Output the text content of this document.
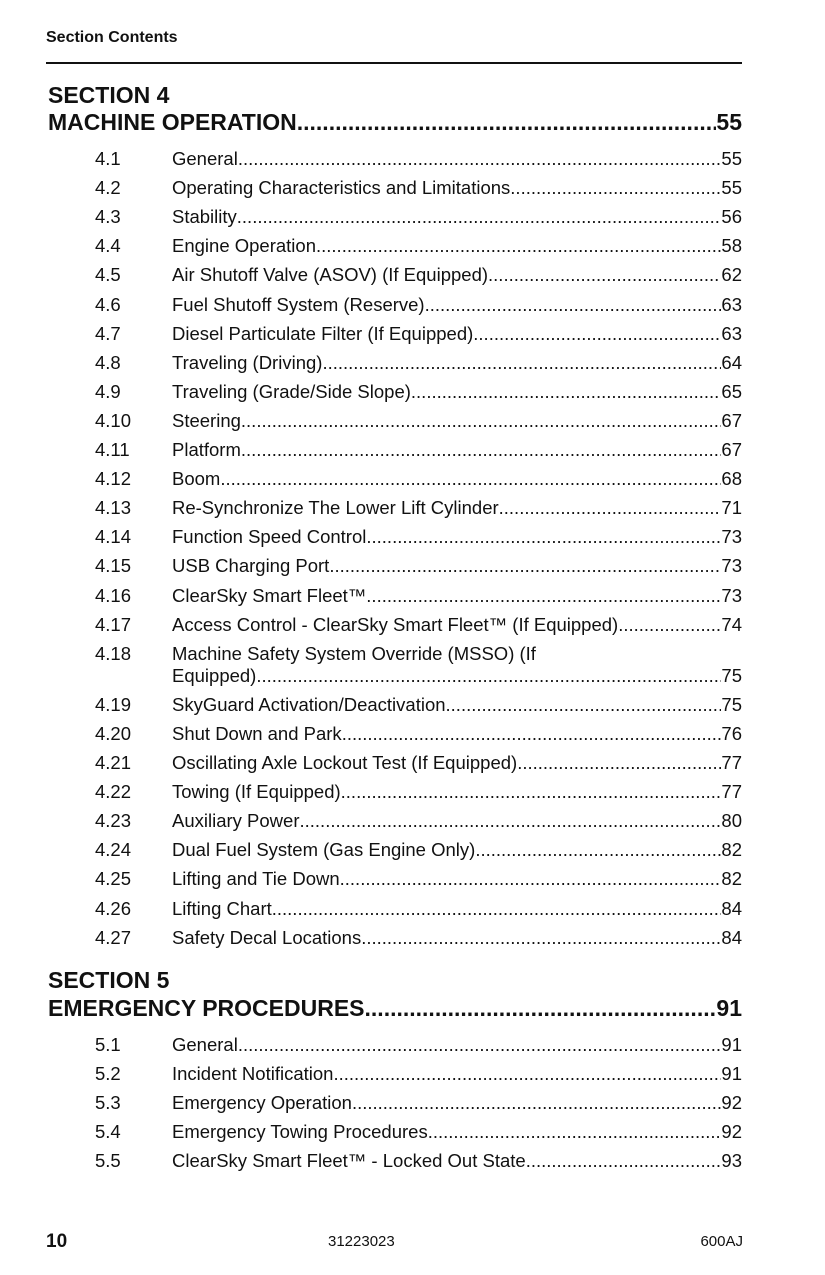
Section Contents
SECTION 4
MACHINE OPERATION .....	55
4.1	General .....	55
4.2	Operating Characteristics and Limitations .....	55
4.3	Stability .....	56
4.4	Engine Operation .....	58
4.5	Air Shutoff Valve (ASOV) (If Equipped) .....	62
4.6	Fuel Shutoff System (Reserve) .....	63
4.7	Diesel Particulate Filter (If Equipped) .....	63
4.8	Traveling (Driving) .....	64
4.9	Traveling (Grade/Side Slope) .....	65
4.10 Steering .....	67
4.11 Platform .....	67
4.12 Boom .....	68
4.13 Re-Synchronize The Lower Lift Cylinder .....	71
4.14 Function Speed Control .....	73
4.15 USB Charging Port .....	73
4.16 ClearSky Smart Fleet™ .....	73
4.17 Access Control - ClearSky Smart Fleet™ (If Equipped) .....	74
4.18 Machine Safety System Override (MSSO) (If
Equipped) .....	75
4.19 SkyGuard Activation/Deactivation .....	75
4.20 Shut Down and Park .....	76
4.21 Oscillating Axle Lockout Test (If Equipped) .....	77
4.22 Towing (If Equipped) .....	77
4.23 Auxiliary Power .....	80
4.24 Dual Fuel System (Gas Engine Only) .....	82
4.25 Lifting and Tie Down .....	82
4.26 Lifting Chart .....	84
4.27 Safety Decal Locations .....	84
SECTION 5
EMERGENCY PROCEDURES .....	91
5.1	General .....	91
5.2	Incident Notification .....	91
5.3	Emergency Operation .....	92
5.4	Emergency Towing Procedures .....	92
5.5	ClearSky Smart Fleet™ - Locked Out State .....	93
10	31223023	600AJ
